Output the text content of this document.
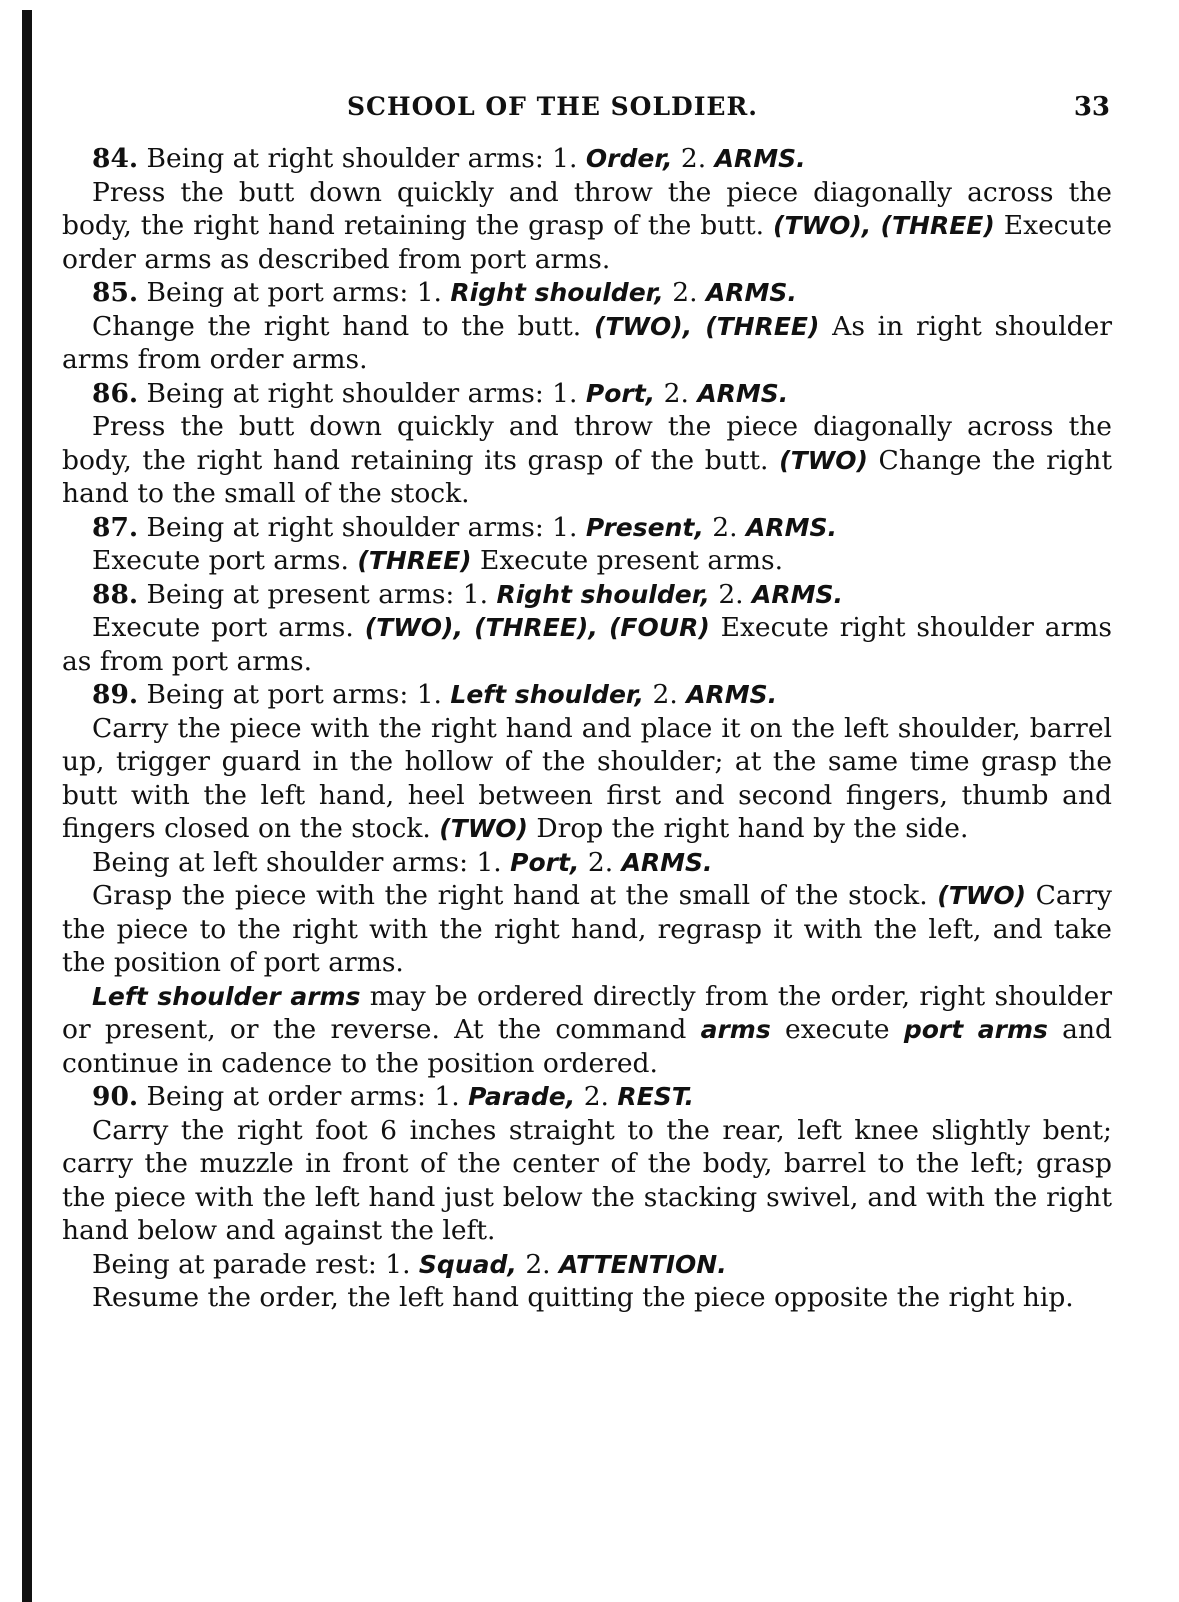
SCHOOL OF THE SOLDIER.	33

84. Being at right shoulder arms: 1. Order, 2. ARMS.

Press the butt down quickly and throw the piece diagonally across the body, the right hand retaining the grasp of the butt. (TWO), (THREE) Execute order arms as described from port arms.

85. Being at port arms: 1. Right shoulder, 2. ARMS.

Change the right hand to the butt. (TWO), (THREE) As in right shoulder arms from order arms.

86. Being at right shoulder arms: 1. Port, 2. ARMS.

Press the butt down quickly and throw the piece diagonally across the body, the right hand retaining its grasp of the butt. (TWO) Change the right hand to the small of the stock.

87. Being at right shoulder arms: 1. Present, 2. ARMS.

Execute port arms. (THREE) Execute present arms.

88. Being at present arms: 1. Right shoulder, 2. ARMS.

Execute port arms. (TWO), (THREE), (FOUR) Execute right shoulder arms as from port arms.

89. Being at port arms: 1. Left shoulder, 2. ARMS.

Carry the piece with the right hand and place it on the left shoulder, barrel up, trigger guard in the hollow of the shoulder; at the same time grasp the butt with the left hand, heel between first and second fingers, thumb and fingers closed on the stock. (TWO) Drop the right hand by the side.

Being at left shoulder arms: 1. Port, 2. ARMS.

Grasp the piece with the right hand at the small of the stock. (TWO) Carry the piece to the right with the right hand, regrasp it with the left, and take the position of port arms.

Left shoulder arms may be ordered directly from the order, right shoulder or present, or the reverse. At the command arms execute port arms and continue in cadence to the position ordered.

90. Being at order arms: 1. Parade, 2. REST.

Carry the right foot 6 inches straight to the rear, left knee slightly bent; carry the muzzle in front of the center of the body, barrel to the left; grasp the piece with the left hand just below the stacking swivel, and with the right hand below and against the left.

Being at parade rest: 1. Squad, 2. ATTENTION.

Resume the order, the left hand quitting the piece opposite the right hip.
